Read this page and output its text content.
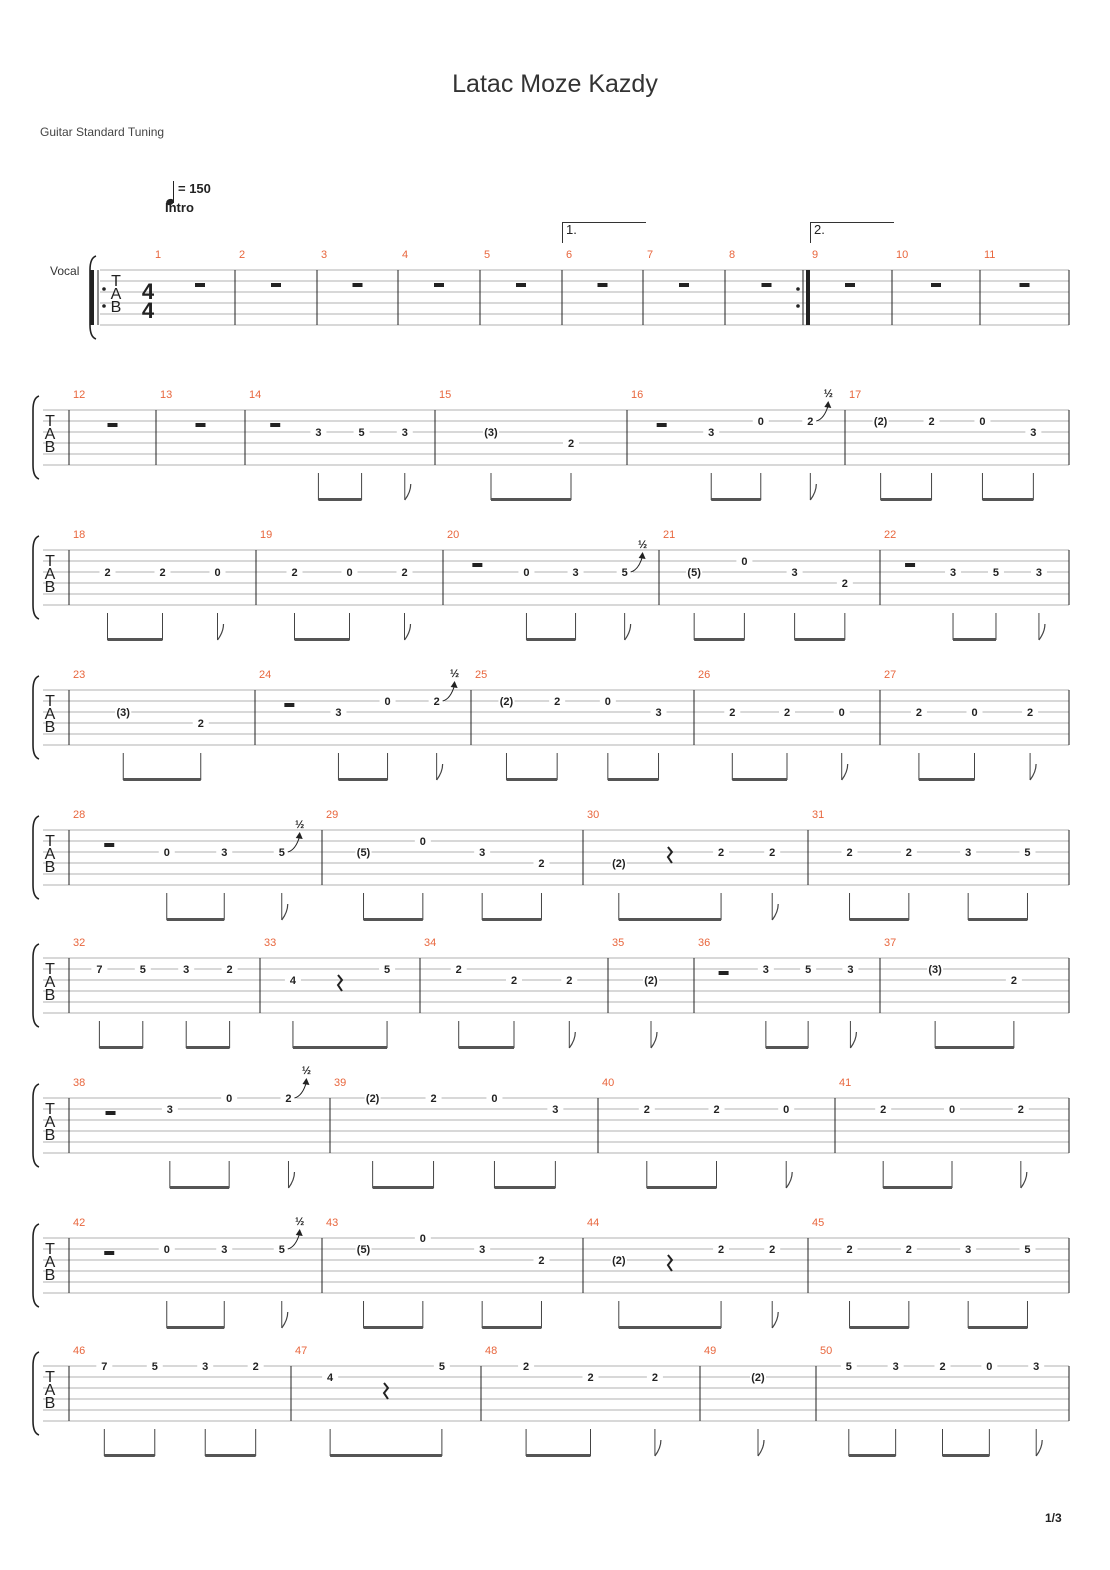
Latac Moze Kazdy
Guitar Standard Tuning
= 150
Intro
1.	2.
Vocal
1/3
T
A
B
4
4
1	2	3	4	5	6	7	8	9	10	11
T
A
B
12	13	14	15	16	17
3	5	3	(3)
2
3
0	2
½
(2)	2	0
3
T
A
B
18	19	20	21	22
2	2	0	2	0	2	0	3	5
½
(5)
0
3
2
3	5	3
T
A
B
23	24	25	26	27
(3)
2
3
0	2
½
(2)	2	0
3	2	2	0	2	0	2
T
A
B
28	29	30	31
0	3	5
½
(5)
0
3
2	(2)
2	2	2	2	3	5
T
A
B
32	33	34	35	36	37
7	5	3	2
4
5	2
2	2	(2)
3	5	3	(3)
2
T
A
B
38	39	40	41
3
0	2
½
(2)	2	0
3	2	2	0	2	0	2
T
A
B
42	43	44	45
0	3	5
½
(5)
0
3
2	(2)
2	2	2	2	3	5
T
A
B
46	47	48	49	50
7	5	3	2
4
5	2
2	2	(2)
5	3	2	0	3
